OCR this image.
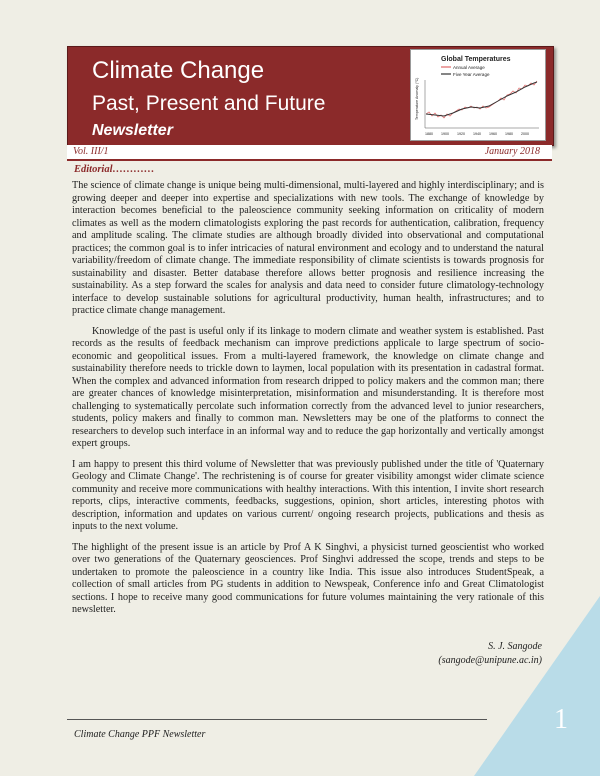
Climate Change
Past, Present and Future
Newsletter
Global Temperatures
Annual Average
Five Year Average
Temperature Anomaly (°C)
1880 1900 1920 1940 1960 1980 2000
Vol. III/1	January 2018
Editorial…………

The science of climate change is unique being multi-dimensional, multi-layered and highly interdisciplinary; and is growing deeper and deeper into expertise and specializations with new tools. The exchange of knowledge by interaction becomes beneficial to the paleoscience community seeking information on criticality of modern climates as well as the modern climatologists exploring the past records for authentication, calibration, frequency and amplitude scaling. The climate studies are although broadly divided into observational and computational practices; the common goal is to infer intricacies of natural environment and ecology and to understand the natural variability/freedom of climate change. The immediate responsibility of climate scientists is towards prognosis for sustainability and disaster. Better database therefore allows better prognosis and resilience increasing the sustainability. As a step forward the scales for analysis and data need to consider future climatology-technology interface to develop sustainable solutions for agricultural productivity, human health, infrastructures; and to practice climate change management.

Knowledge of the past is useful only if its linkage to modern climate and weather system is established. Past records as the results of feedback mechanism can improve predictions applicale to large spectrum of socio-economic and geopolitical issues. From a multi-layered framework, the knowledge on climate change and sustainability therefore needs to trickle down to laymen, local population with its presentation in cadastral format. When the complex and advanced information from research dripped to policy makers and the common man; there are greater chances of knowledge misinterpretation, misinformation and misunderstanding. It is therefore most challenging to systematically percolate such information correctly from the advanced level to junior researchers, students, policy makers and finally to common man. Newsletters may be one of the platforms to connect the researchers to develop such interface in an informal way and to reduce the gap horizontally and vertically amongst expert groups.

I am happy to present this third volume of Newsletter that was previously published under the title of 'Quaternary Geology and Climate Change'. The rechristening is of course for greater visibility amongst wider climate science community and receive more communications with healthy interactions. With this intention, I invite short research reports, clips, interactive comments, feedbacks, suggestions, opinion, short articles, interesting photos with description, information and updates on various current/ ongoing research projects, publications and thesis as inputs to the next volume.

The highlight of the present issue is an article by Prof A K Singhvi, a physicist turned geoscientist who worked over two generations of the Quaternary geosciences. Prof Singhvi addressed the scope, trends and steps to be undertaken to promote the paleoscience in a country like India. This issue also introduces StudentSpeak, a collection of small articles from PG students in addition to Newspeak, Conference info and Great Climatologist sections. I hope to receive many good communications for future volumes maintaining the very rationale of this newsletter.

S. J. Sangode
(sangode@unipune.ac.in)
Climate Change PPF Newsletter	1
